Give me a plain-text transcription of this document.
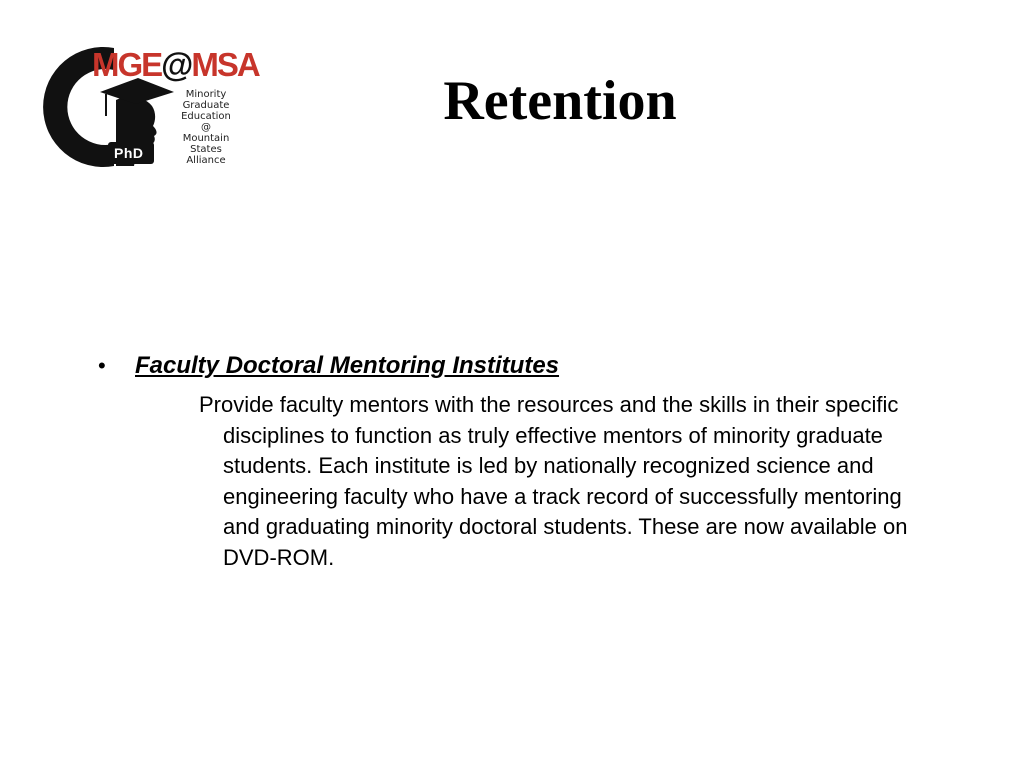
MGE@MSA
Minority
Graduate
Education
@
Mountain
States
Alliance
PhD
Retention
• Faculty Doctoral Mentoring Institutes

Provide faculty mentors with the resources and the skills in their specific disciplines to function as truly effective mentors of minority graduate students. Each institute is led by nationally recognized science and engineering faculty who have a track record of successfully mentoring and graduating minority doctoral students. These are now available on DVD-ROM.
